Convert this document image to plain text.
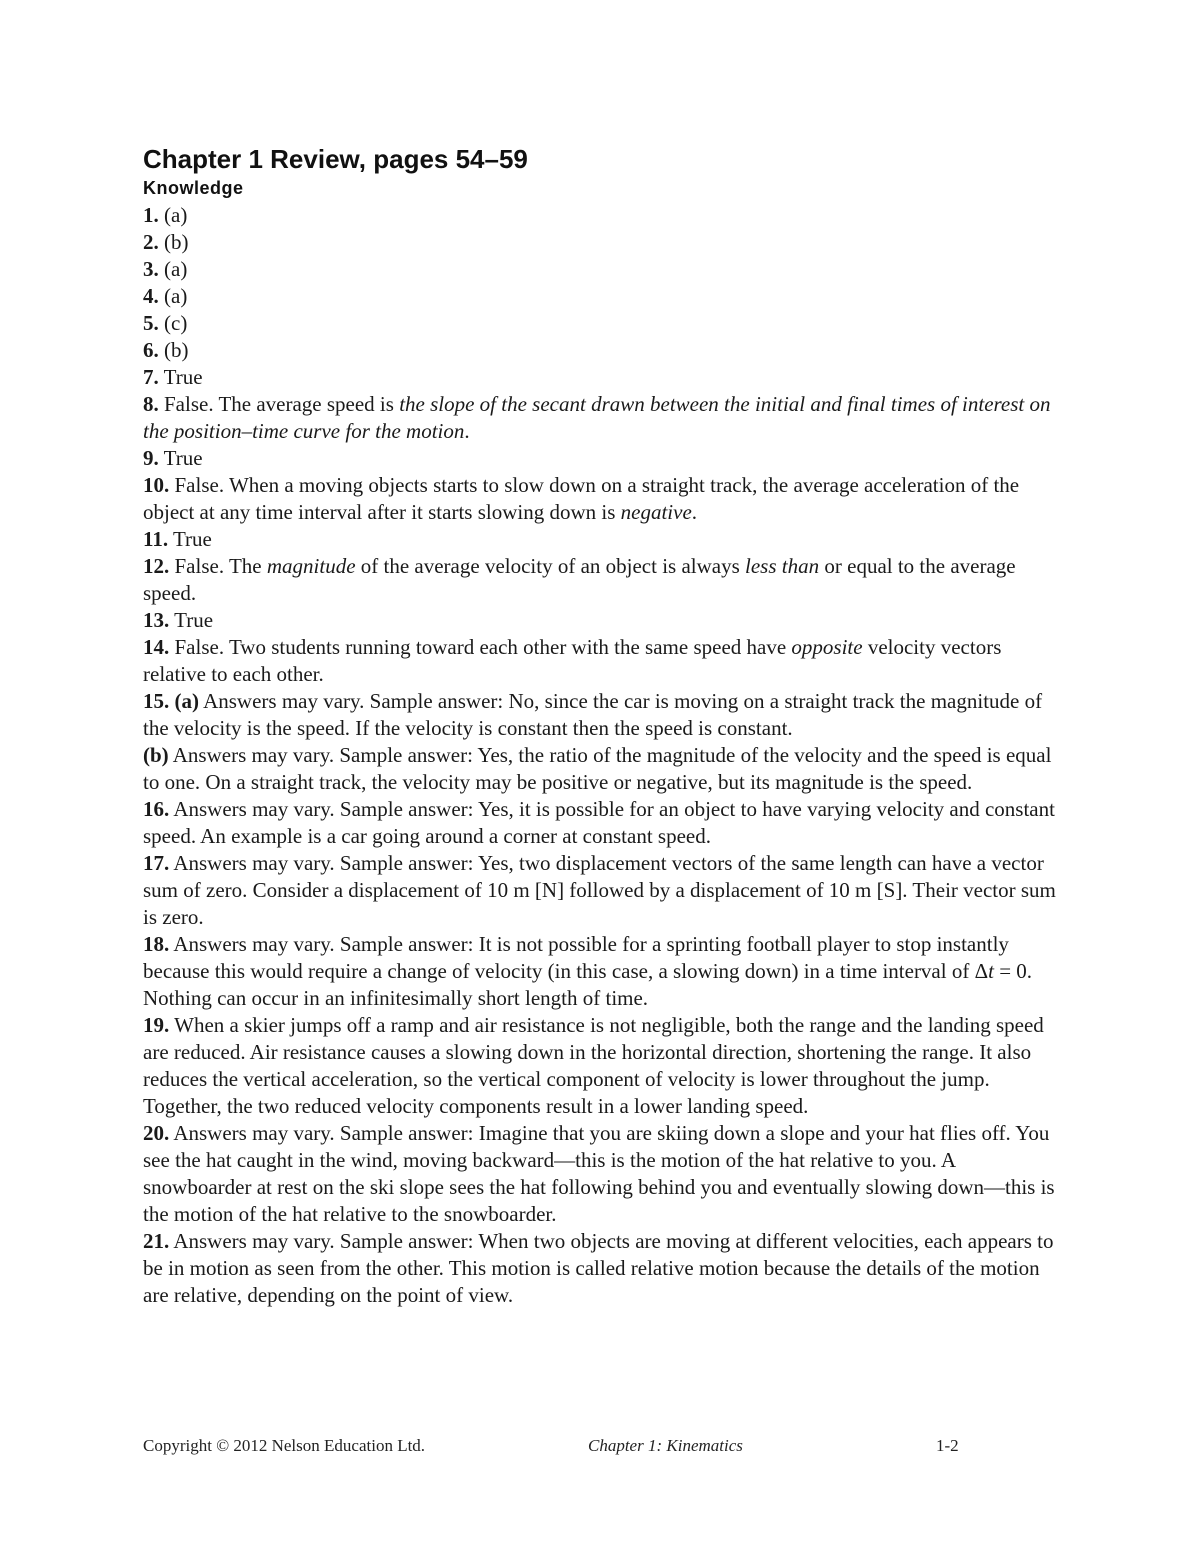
Chapter 1 Review, pages 54–59
Knowledge

1. (a)

2. (b)

3. (a)

4. (a)

5. (c)

6. (b)

7. True

8. False. The average speed is the slope of the secant drawn between the initial and final times of interest on the position–time curve for the motion.

9. True

10. False. When a moving objects starts to slow down on a straight track, the average acceleration of the object at any time interval after it starts slowing down is negative.

11. True

12. False. The magnitude of the average velocity of an object is always less than or equal to the average speed.

13. True

14. False. Two students running toward each other with the same speed have opposite velocity vectors relative to each other.

15. (a) Answers may vary. Sample answer: No, since the car is moving on a straight track the magnitude of the velocity is the speed. If the velocity is constant then the speed is constant.

(b) Answers may vary. Sample answer: Yes, the ratio of the magnitude of the velocity and the speed is equal to one. On a straight track, the velocity may be positive or negative, but its magnitude is the speed.

16. Answers may vary. Sample answer: Yes, it is possible for an object to have varying velocity and constant speed. An example is a car going around a corner at constant speed.

17. Answers may vary. Sample answer: Yes, two displacement vectors of the same length can have a vector sum of zero. Consider a displacement of 10 m [N] followed by a displacement of 10 m [S]. Their vector sum is zero.

18. Answers may vary. Sample answer: It is not possible for a sprinting football player to stop instantly because this would require a change of velocity (in this case, a slowing down) in a time interval of Δt = 0. Nothing can occur in an infinitesimally short length of time.

19. When a skier jumps off a ramp and air resistance is not negligible, both the range and the landing speed are reduced. Air resistance causes a slowing down in the horizontal direction, shortening the range. It also reduces the vertical acceleration, so the vertical component of velocity is lower throughout the jump. Together, the two reduced velocity components result in a lower landing speed.

20. Answers may vary. Sample answer: Imagine that you are skiing down a slope and your hat flies off. You see the hat caught in the wind, moving backward—this is the motion of the hat relative to you. A snowboarder at rest on the ski slope sees the hat following behind you and eventually slowing down—this is the motion of the hat relative to the snowboarder.

21. Answers may vary. Sample answer: When two objects are moving at different velocities, each appears to be in motion as seen from the other. This motion is called relative motion because the details of the motion are relative, depending on the point of view.

Copyright © 2012 Nelson Education Ltd.	Chapter 1: Kinematics	1-2
